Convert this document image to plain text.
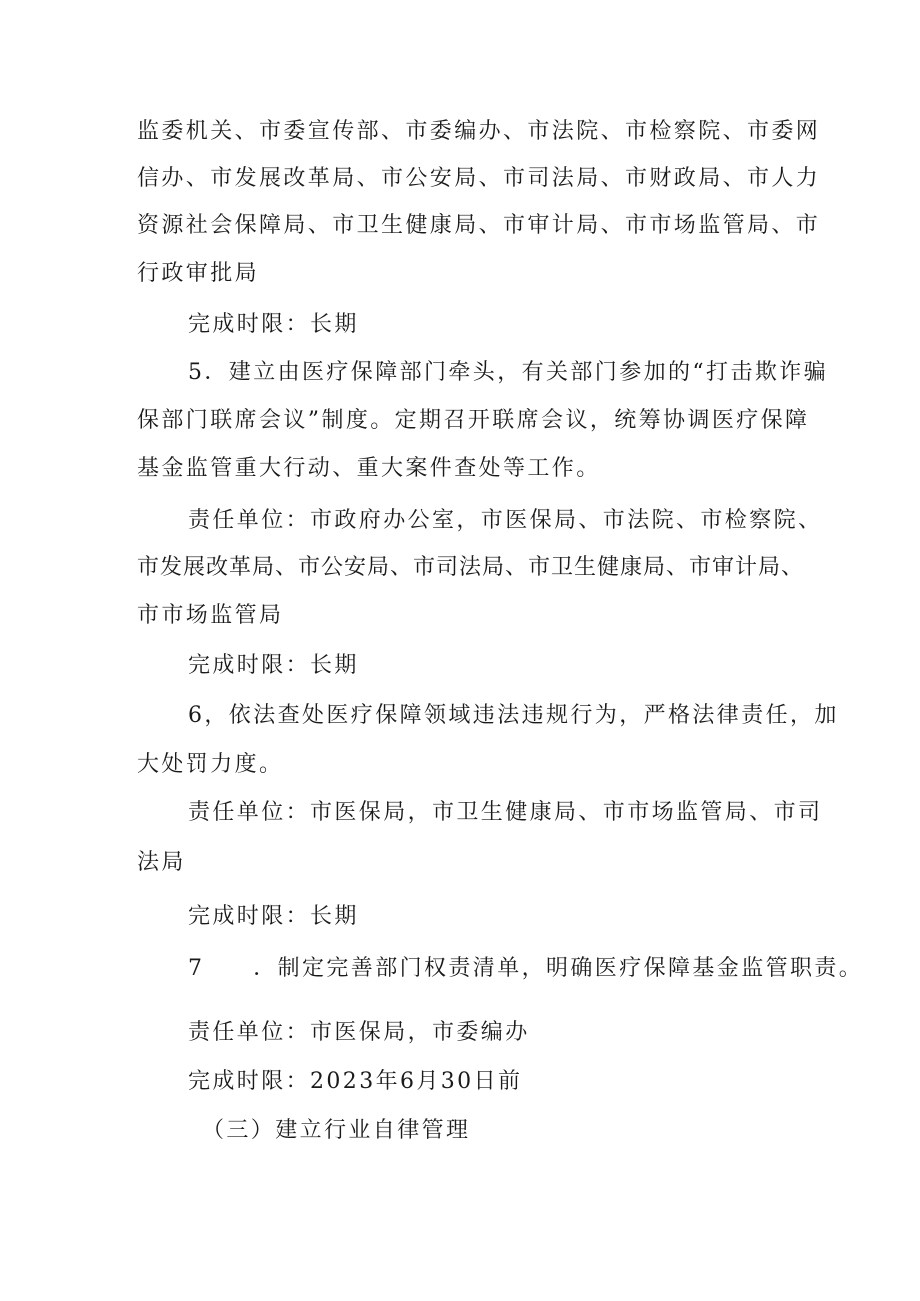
监委机关、市委宣传部、市委编办、市法院、市检察院、市委网
信办、市发展改革局、市公安局、市司法局、市财政局、市人力
资源社会保障局、市卫生健康局、市审计局、市市场监管局、市
行政审批局
完成时限：长期
5．建立由医疗保障部门牵头，有关部门参加的“打击欺诈骗
保部门联席会议”制度。定期召开联席会议，统筹协调医疗保障
基金监管重大行动、重大案件查处等工作。
责任单位：市政府办公室，市医保局、市法院、市检察院、
市发展改革局、市公安局、市司法局、市卫生健康局、市审计局、
市市场监管局
完成时限：长期
6，依法查处医疗保障领域违法违规行为，严格法律责任，加
大处罚力度。
责任单位：市医保局，市卫生健康局、市市场监管局、市司
法局
完成时限：长期
7　　．制定完善部门权责清单，明确医疗保障基金监管职责。
责任单位：市医保局，市委编办
完成时限：2023年6月30日前
（三）建立行业自律管理
